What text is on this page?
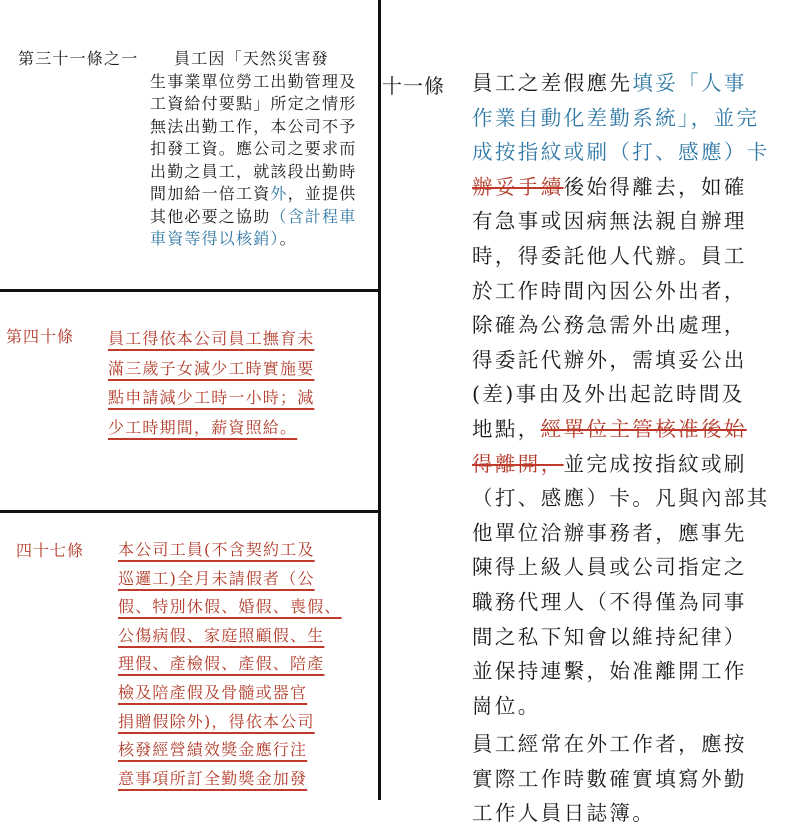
第三十一條之一 員工因「天然災害發
生事業單位勞工出勤管理及
工資給付要點」所定之情形
無法出勤工作，本公司不予
扣發工資。應公司之要求而
出勤之員工，就該段出勤時
間加給一倍工資外，並提供
其他必要之協助（含計程車
車資等得以核銷）。
第四十條 員工得依本公司員工撫育未
滿三歲子女減少工時實施要
點申請減少工時一小時；減
少工時期間，薪資照給。
四十七條 本公司工員(不含契約工及
巡邏工)全月未請假者（公
假、特別休假、婚假、喪假、
公傷病假、家庭照顧假、生
理假、產檢假、產假、陪產
檢及陪產假及骨髓或器官
捐贈假除外)，得依本公司
核發經營績效獎金應行注
意事項所訂全勤獎金加發
十一條 員工之差假應先填妥「人事
作業自動化差勤系統」，並完
成按指紋或刷（打、感應）卡
辦妥手續後始得離去，如確
有急事或因病無法親自辦理
時，得委託他人代辦。員工
於工作時間內因公外出者，
除確為公務急需外出處理，
得委託代辦外，需填妥公出
(差)事由及外出起訖時間及
地點，經單位主管核准後始
得離開，並完成按指紋或刷
（打、感應）卡。凡與內部其
他單位洽辦事務者，應事先
陳得上級人員或公司指定之
職務代理人（不得僅為同事
間之私下知會以維持紀律）
並保持連繫，始准離開工作
崗位。
員工經常在外工作者，應按
實際工作時數確實填寫外勤
工作人員日誌簿。
